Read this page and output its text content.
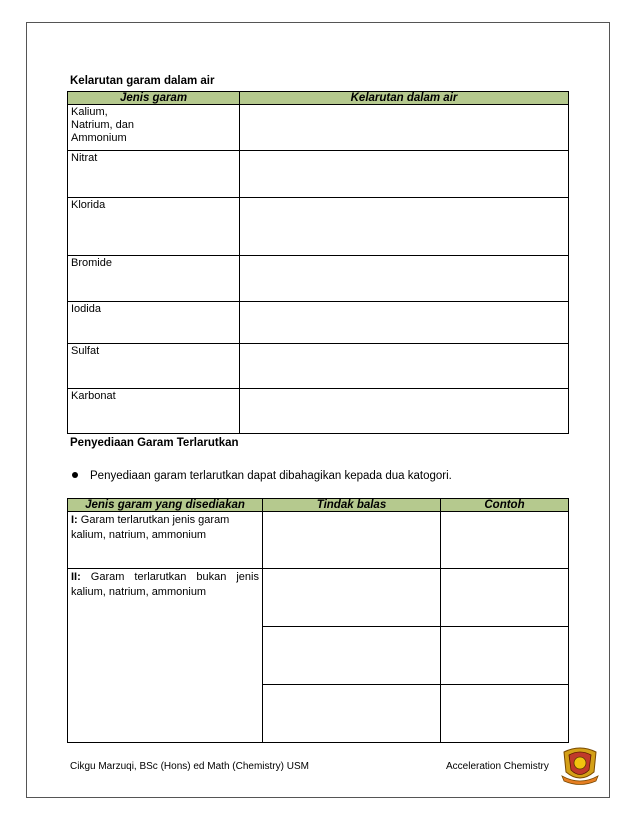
Kelarutan garam dalam air
Jenis garam	Kelarutan dalam air
Kalium,
Natrium, dan
Ammonium	
Nitrat	
Klorida	
Bromide	
Iodida	
Sulfat	
Karbonat	
Penyediaan Garam Terlarutkan
Penyediaan garam terlarutkan dapat dibahagikan kepada dua katogori.
Jenis garam yang disediakan	Tindak balas	Contoh
I: Garam terlarutkan jenis garam kalium, natrium, ammonium		
II: Garam terlarutkan bukan jenis kalium, natrium, ammonium		

Cikgu Marzuqi, BSc (Hons) ed Math (Chemistry) USM	Acceleration Chemistry
